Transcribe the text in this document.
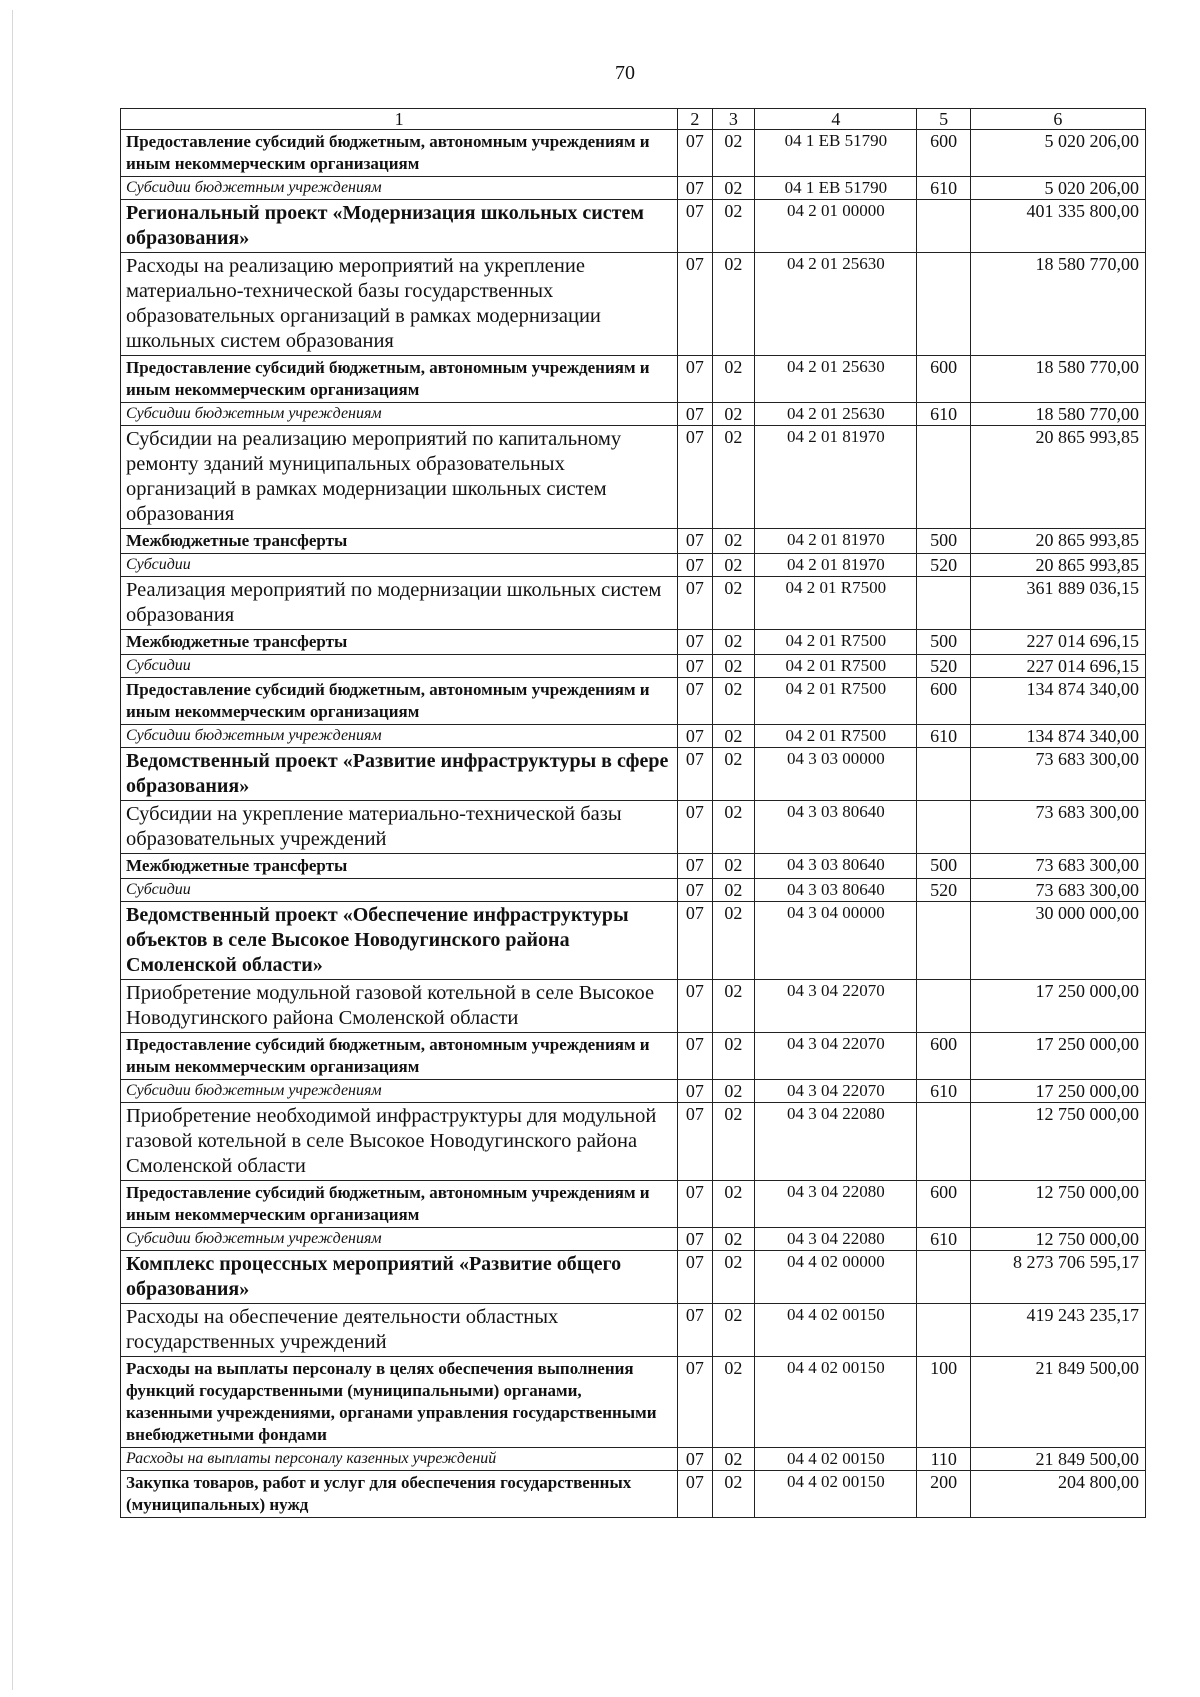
70
1	2	3	4	5	6
Предоставление субсидий бюджетным, автономным учреждениям и иным некоммерческим организациям	07	02	04 1 ЕВ 51790	600	5 020 206,00
Субсидии бюджетным учреждениям	07	02	04 1 ЕВ 51790	610	5 020 206,00
Региональный проект «Модернизация школьных систем образования»	07	02	04 2 01 00000		401 335 800,00
Расходы на реализацию мероприятий на укрепление материально-технической базы государственных образовательных организаций в рамках модернизации школьных систем образования	07	02	04 2 01 25630		18 580 770,00
Предоставление субсидий бюджетным, автономным учреждениям и иным некоммерческим организациям	07	02	04 2 01 25630	600	18 580 770,00
Субсидии бюджетным учреждениям	07	02	04 2 01 25630	610	18 580 770,00
Субсидии на реализацию мероприятий по капитальному ремонту зданий муниципальных образовательных организаций в рамках модернизации школьных систем образования	07	02	04 2 01 81970		20 865 993,85
Межбюджетные трансферты	07	02	04 2 01 81970	500	20 865 993,85
Субсидии	07	02	04 2 01 81970	520	20 865 993,85
Реализация мероприятий по модернизации школьных систем образования	07	02	04 2 01 R7500		361 889 036,15
Межбюджетные трансферты	07	02	04 2 01 R7500	500	227 014 696,15
Субсидии	07	02	04 2 01 R7500	520	227 014 696,15
Предоставление субсидий бюджетным, автономным учреждениям и иным некоммерческим организациям	07	02	04 2 01 R7500	600	134 874 340,00
Субсидии бюджетным учреждениям	07	02	04 2 01 R7500	610	134 874 340,00
Ведомственный проект «Развитие инфраструктуры в сфере образования»	07	02	04 3 03 00000		73 683 300,00
Субсидии на укрепление материально-технической базы образовательных учреждений	07	02	04 3 03 80640		73 683 300,00
Межбюджетные трансферты	07	02	04 3 03 80640	500	73 683 300,00
Субсидии	07	02	04 3 03 80640	520	73 683 300,00
Ведомственный проект «Обеспечение инфраструктуры объектов в селе Высокое Новодугинского района Смоленской области»	07	02	04 3 04 00000		30 000 000,00
Приобретение модульной газовой котельной в селе Высокое Новодугинского района Смоленской области	07	02	04 3 04 22070		17 250 000,00
Предоставление субсидий бюджетным, автономным учреждениям и иным некоммерческим организациям	07	02	04 3 04 22070	600	17 250 000,00
Субсидии бюджетным учреждениям	07	02	04 3 04 22070	610	17 250 000,00
Приобретение необходимой инфраструктуры для модульной газовой котельной в селе Высокое Новодугинского района Смоленской области	07	02	04 3 04 22080		12 750 000,00
Предоставление субсидий бюджетным, автономным учреждениям и иным некоммерческим организациям	07	02	04 3 04 22080	600	12 750 000,00
Субсидии бюджетным учреждениям	07	02	04 3 04 22080	610	12 750 000,00
Комплекс процессных мероприятий «Развитие общего образования»	07	02	04 4 02 00000		8 273 706 595,17
Расходы на обеспечение деятельности областных государственных учреждений	07	02	04 4 02 00150		419 243 235,17
Расходы на выплаты персоналу в целях обеспечения выполнения функций государственными (муниципальными) органами, казенными учреждениями, органами управления государственными внебюджетными фондами	07	02	04 4 02 00150	100	21 849 500,00
Расходы на выплаты персоналу казенных учреждений	07	02	04 4 02 00150	110	21 849 500,00
Закупка товаров, работ и услуг для обеспечения государственных (муниципальных) нужд	07	02	04 4 02 00150	200	204 800,00
